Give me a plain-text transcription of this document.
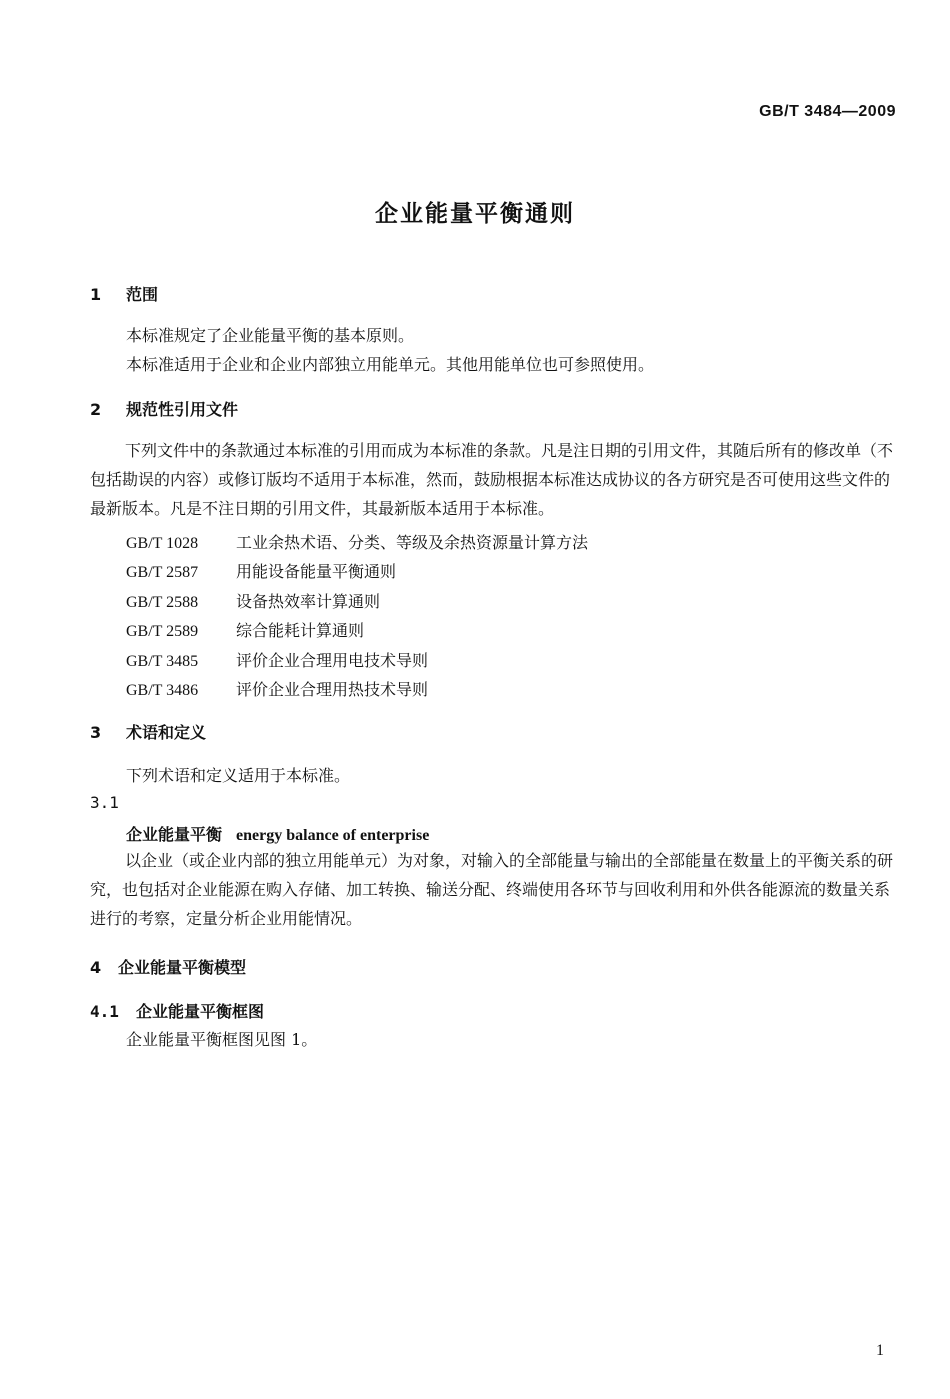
GB/T 3484—2009
企业能量平衡通则
1 范围
本标准规定了企业能量平衡的基本原则。
本标准适用于企业和企业内部独立用能单元。其他用能单位也可参照使用。
2 规范性引用文件
下列文件中的条款通过本标准的引用而成为本标准的条款。凡是注日期的引用文件，其随后所有的修改单（不包括勘误的内容）或修订版均不适用于本标准，然而，鼓励根据本标准达成协议的各方研究是否可使用这些文件的最新版本。凡是不注日期的引用文件，其最新版本适用于本标准。
GB/T 1028 工业余热术语、分类、等级及余热资源量计算方法
GB/T 2587 用能设备能量平衡通则
GB/T 2588 设备热效率计算通则
GB/T 2589 综合能耗计算通则
GB/T 3485 评价企业合理用电技术导则
GB/T 3486 评价企业合理用热技术导则
3 术语和定义
下列术语和定义适用于本标准。
3.1
企业能量平衡 energy balance of enterprise
以企业（或企业内部的独立用能单元）为对象，对输入的全部能量与输出的全部能量在数量上的平衡关系的研究，也包括对企业能源在购入存储、加工转换、输送分配、终端使用各环节与回收利用和外供各能源流的数量关系进行的考察，定量分析企业用能情况。
4 企业能量平衡模型
4.1 企业能量平衡框图
企业能量平衡框图见图 1。
1
